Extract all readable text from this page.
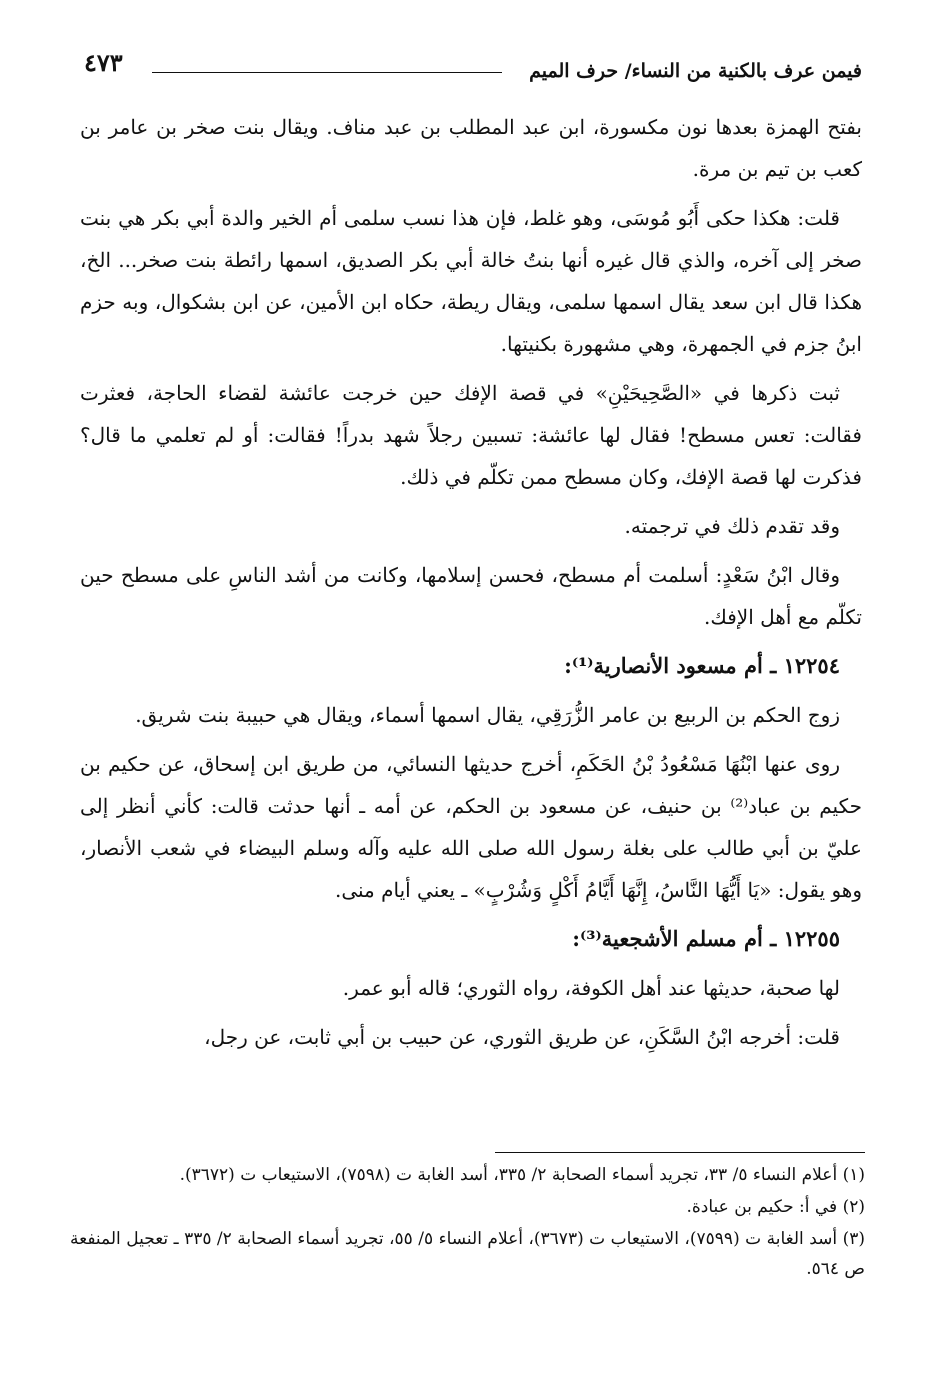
فيمن عرف بالكنية من النساء/ حرف الميم
٤٧٣

بفتح الهمزة بعدها نون مكسورة، ابن عبد المطلب بن عبد مناف. ويقال بنت صخر بن عامر بن كعب بن تيم بن مرة.

قلت: هكذا حكى أَبُو مُوسَى، وهو غلط، فإن هذا نسب سلمى أم الخير والدة أبي بكر هي بنت صخر إلى آخره، والذي قال غيره أنها بنتُ خالة أبي بكر الصديق، اسمها رائطة بنت صخر... الخ، هكذا قال ابن سعد يقال اسمها سلمى، ويقال ريطة، حكاه ابن الأمين، عن ابن بشكوال، وبه حزم ابنُ جزم في الجمهرة، وهي مشهورة بكنيتها.

ثبت ذكرها في «الصَّحِيحَيْنِ» في قصة الإفك حين خرجت عائشة لقضاء الحاجة، فعثرت فقالت: تعس مسطح! فقال لها عائشة: تسبين رجلاً شهد بدراً! فقالت: أو لم تعلمي ما قال؟ فذكرت لها قصة الإفك، وكان مسطح ممن تكلّم في ذلك.

وقد تقدم ذلك في ترجمته.

وقال ابْنُ سَعْدٍ: أسلمت أم مسطح، فحسن إسلامها، وكانت من أشد الناسِ على مسطح حين تكلّم مع أهل الإفك.

١٢٢٥٤ ـ أم مسعود الأنصارية⁽¹⁾:

زوج الحكم بن الربيع بن عامر الزُّرَقِي، يقال اسمها أسماء، ويقال هي حبيبة بنت شريق.

روى عنها ابْنُهَا مَسْعُودُ بْنُ الحَكَمِ، أخرج حديثها النسائي، من طريق ابن إسحاق، عن حكيم بن حكيم بن عباد⁽²⁾ بن حنيف، عن مسعود بن الحكم، عن أمه ـ أنها حدثت قالت: كأني أنظر إلى عليّ بن أبي طالب على بغلة رسول الله صلى الله عليه وآله وسلم البيضاء في شعب الأنصار، وهو يقول: «يَا أَيُّهَا النَّاسُ، إِنَّهَا أَيَّامُ أَكْلٍ وَشُرْبٍ» ـ يعني أيام منى.

١٢٢٥٥ ـ أم مسلم الأشجعية⁽³⁾:

لها صحبة، حديثها عند أهل الكوفة، رواه الثوري؛ قاله أبو عمر.

قلت: أخرجه ابْنُ السَّكَنِ، عن طريق الثوري، عن حبيب بن أبي ثابت، عن رجل،

(١) أعلام النساء ٥/ ٣٣، تجريد أسماء الصحابة ٢/ ٣٣٥، أسد الغابة ت (٧٥٩٨)، الاستيعاب ت (٣٦٧٢).

(٢) في أ: حكيم بن عبادة.

(٣) أسد الغابة ت (٧٥٩٩)، الاستيعاب ت (٣٦٧٣)، أعلام النساء ٥/ ٥٥، تجريد أسماء الصحابة ٢/ ٣٣٥ ـ تعجيل المنفعة ص ٥٦٤.
